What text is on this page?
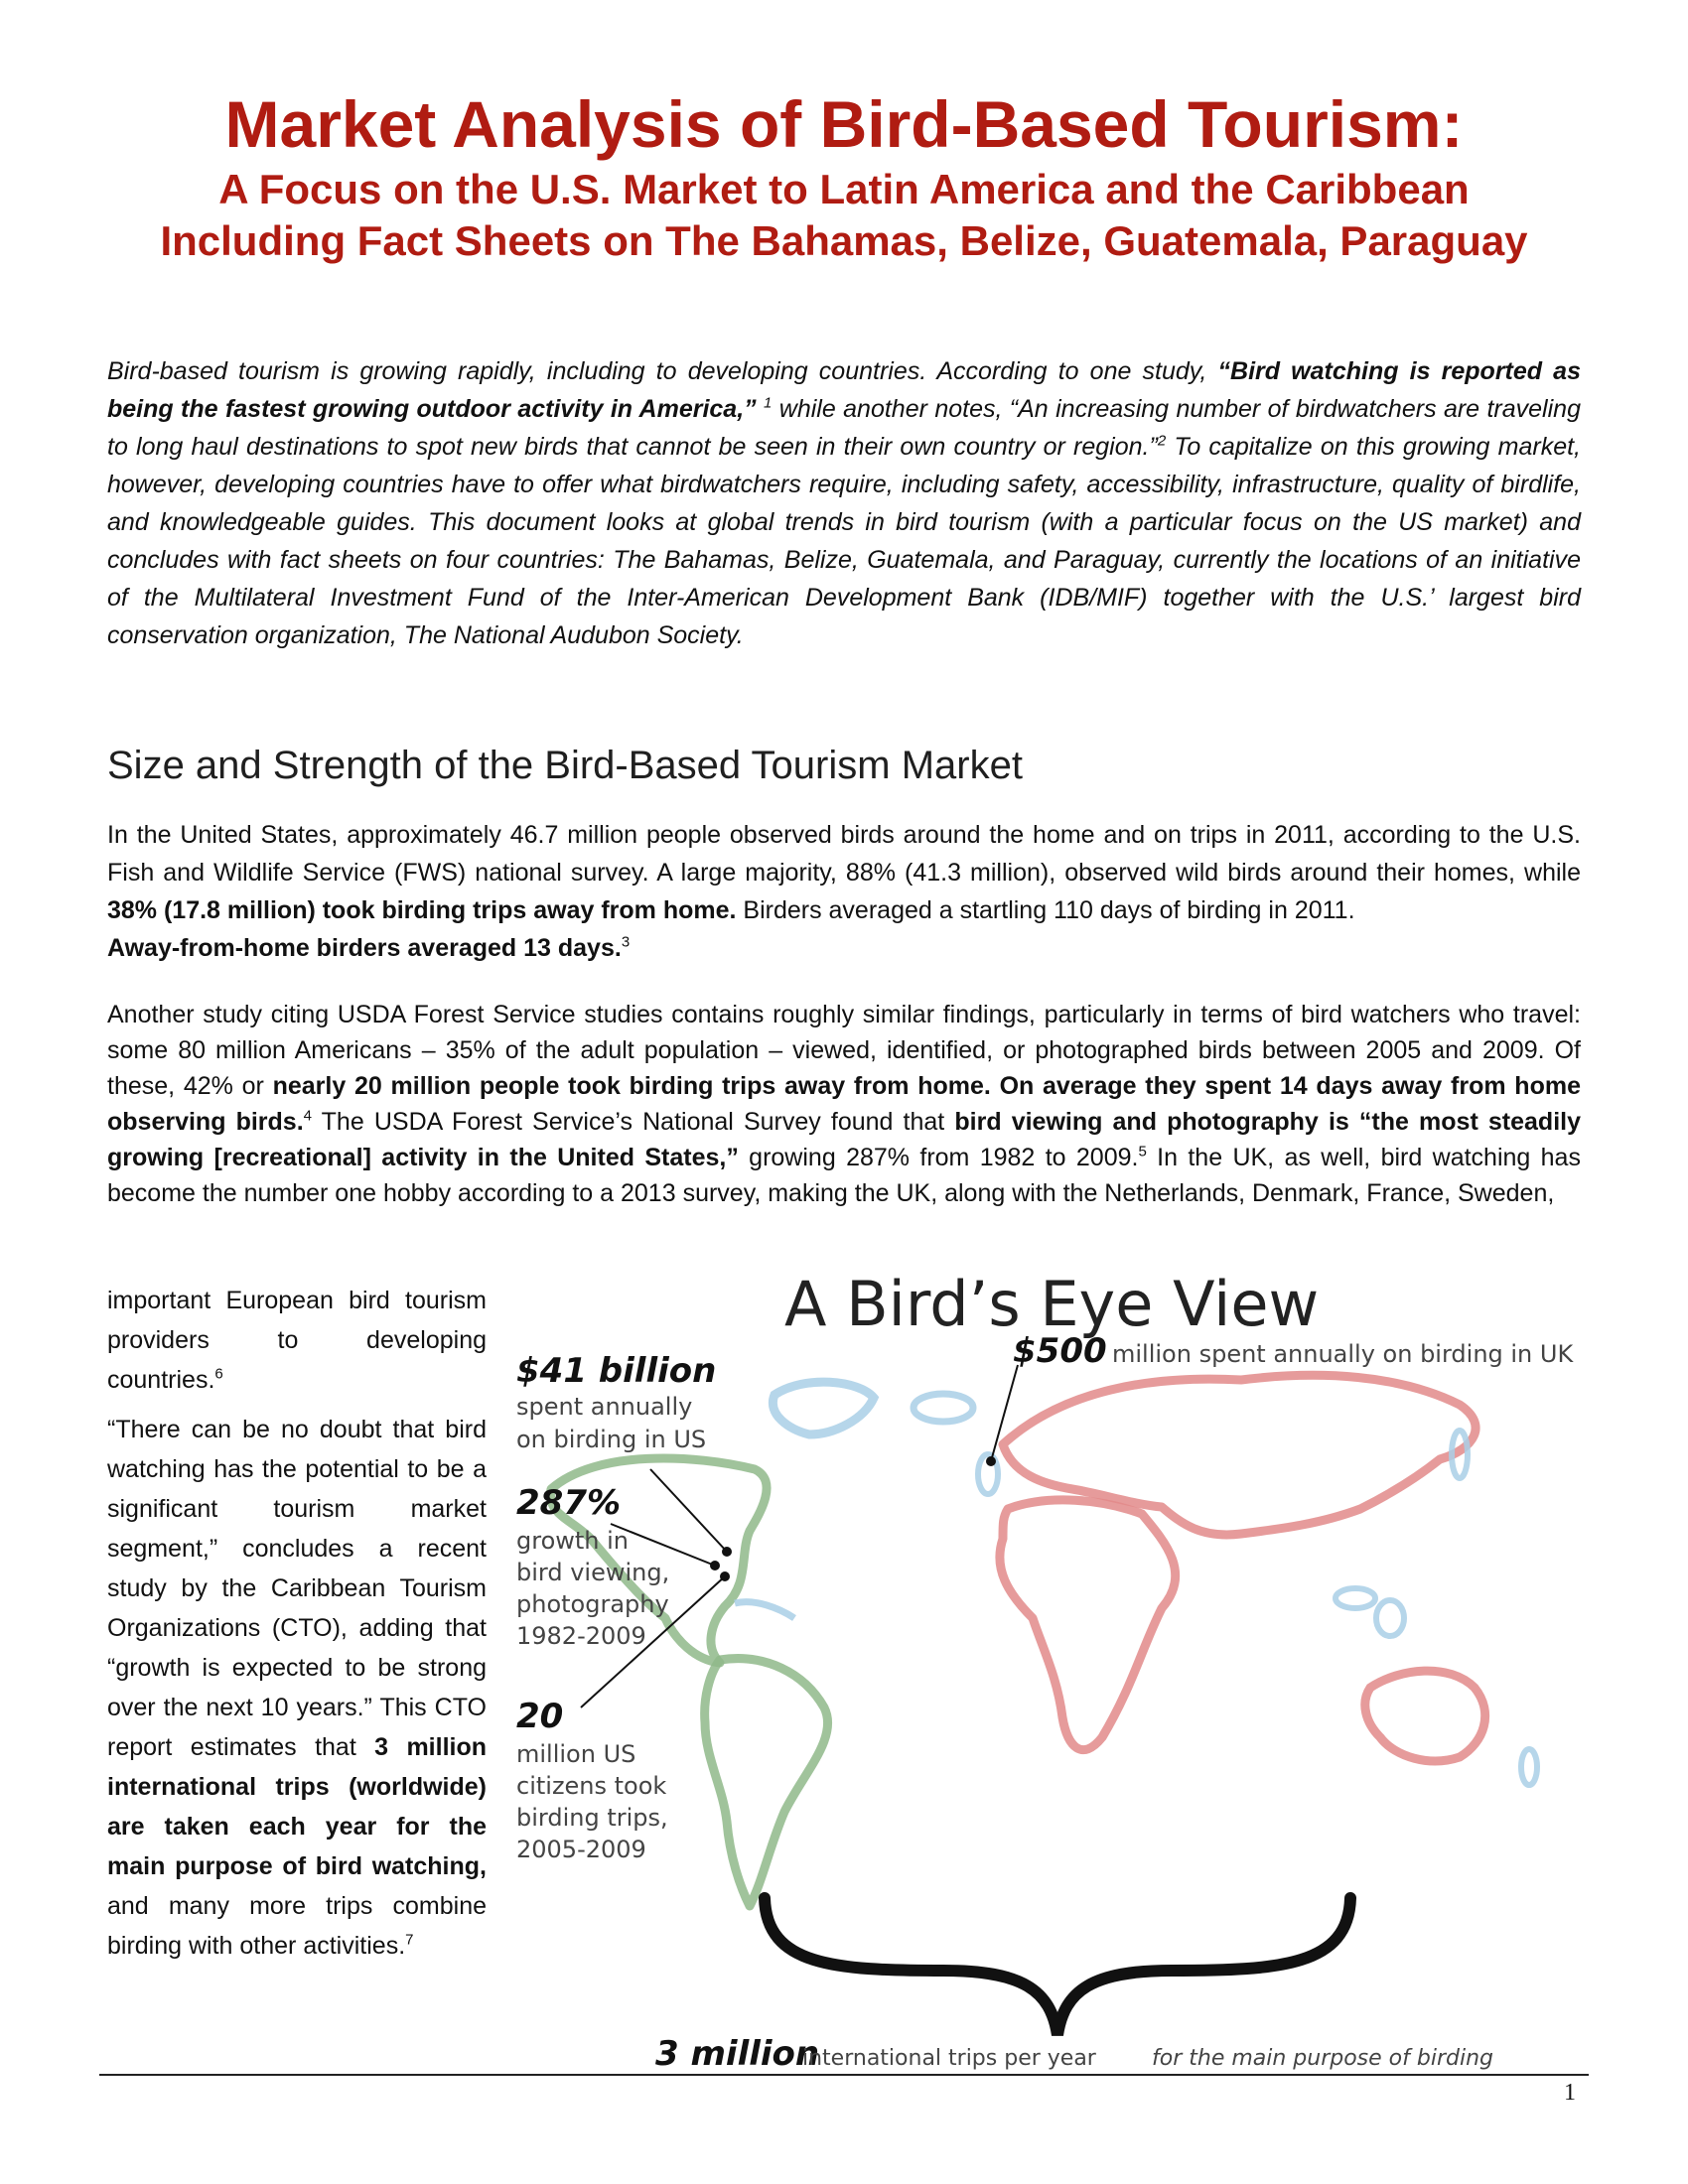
Market Analysis of Bird-Based Tourism:
A Focus on the U.S. Market to Latin America and the Caribbean
Including Fact Sheets on The Bahamas, Belize, Guatemala, Paraguay

Bird-based tourism is growing rapidly, including to developing countries. According to one study, “Bird watching is reported as being the fastest growing outdoor activity in America,” $^1$ while another notes, “An increasing number of birdwatchers are traveling to long haul destinations to spot new birds that cannot be seen in their own country or region.”$^2$ To capitalize on this growing market, however, developing countries have to offer what birdwatchers require, including safety, accessibility, infrastructure, quality of birdlife, and knowledgeable guides. This document looks at global trends in bird tourism (with a particular focus on the US market) and concludes with fact sheets on four countries: The Bahamas, Belize, Guatemala, and Paraguay, currently the locations of an initiative of the Multilateral Investment Fund of the Inter-American Development Bank (IDB/MIF) together with the U.S.’ largest bird conservation organization, The National Audubon Society.

Size and Strength of the Bird-Based Tourism Market

In the United States, approximately 46.7 million people observed birds around the home and on trips in 2011, according to the U.S. Fish and Wildlife Service (FWS) national survey. A large majority, 88% (41.3 million), observed wild birds around their homes, while 38% (17.8 million) took birding trips away from home. Birders averaged a startling 110 days of birding in 2011.
Away-from-home birders averaged 13 days.$^3$

Another study citing USDA Forest Service studies contains roughly similar findings, particularly in terms of bird watchers who travel: some 80 million Americans – 35% of the adult population – viewed, identified, or photographed birds between 2005 and 2009. Of these, 42% or nearly 20 million people took birding trips away from home. On average they spent 14 days away from home observing birds.$^4$ The USDA Forest Service’s National Survey found that bird viewing and photography is “the most steadily growing [recreational] activity in the United States,” growing 287% from 1982 to 2009.$^5$ In the UK, as well, bird watching has become the number one hobby according to a 2013 survey, making the UK, along with the Netherlands, Denmark, France, Sweden,

important European bird tourism providers to developing countries.$^6$

“There can be no doubt that bird watching has the potential to be a significant tourism market segment,” concludes a recent study by the Caribbean Tourism Organizations (CTO), adding that “growth is expected to be strong over the next 10 years.” This CTO report estimates that 3 million international trips (worldwide) are taken each year for the main purpose of bird watching, and many more trips combine birding with other activities.$^7$

A Bird’s Eye View
$41 billion
spent annually
on birding in US
287%
growth in
bird viewing,
photography
1982-2009
20
million US
citizens took
birding trips,
2005-2009
$500 million spent annually on birding in UK
3 million
international trips per year	for the main purpose of birding
1
